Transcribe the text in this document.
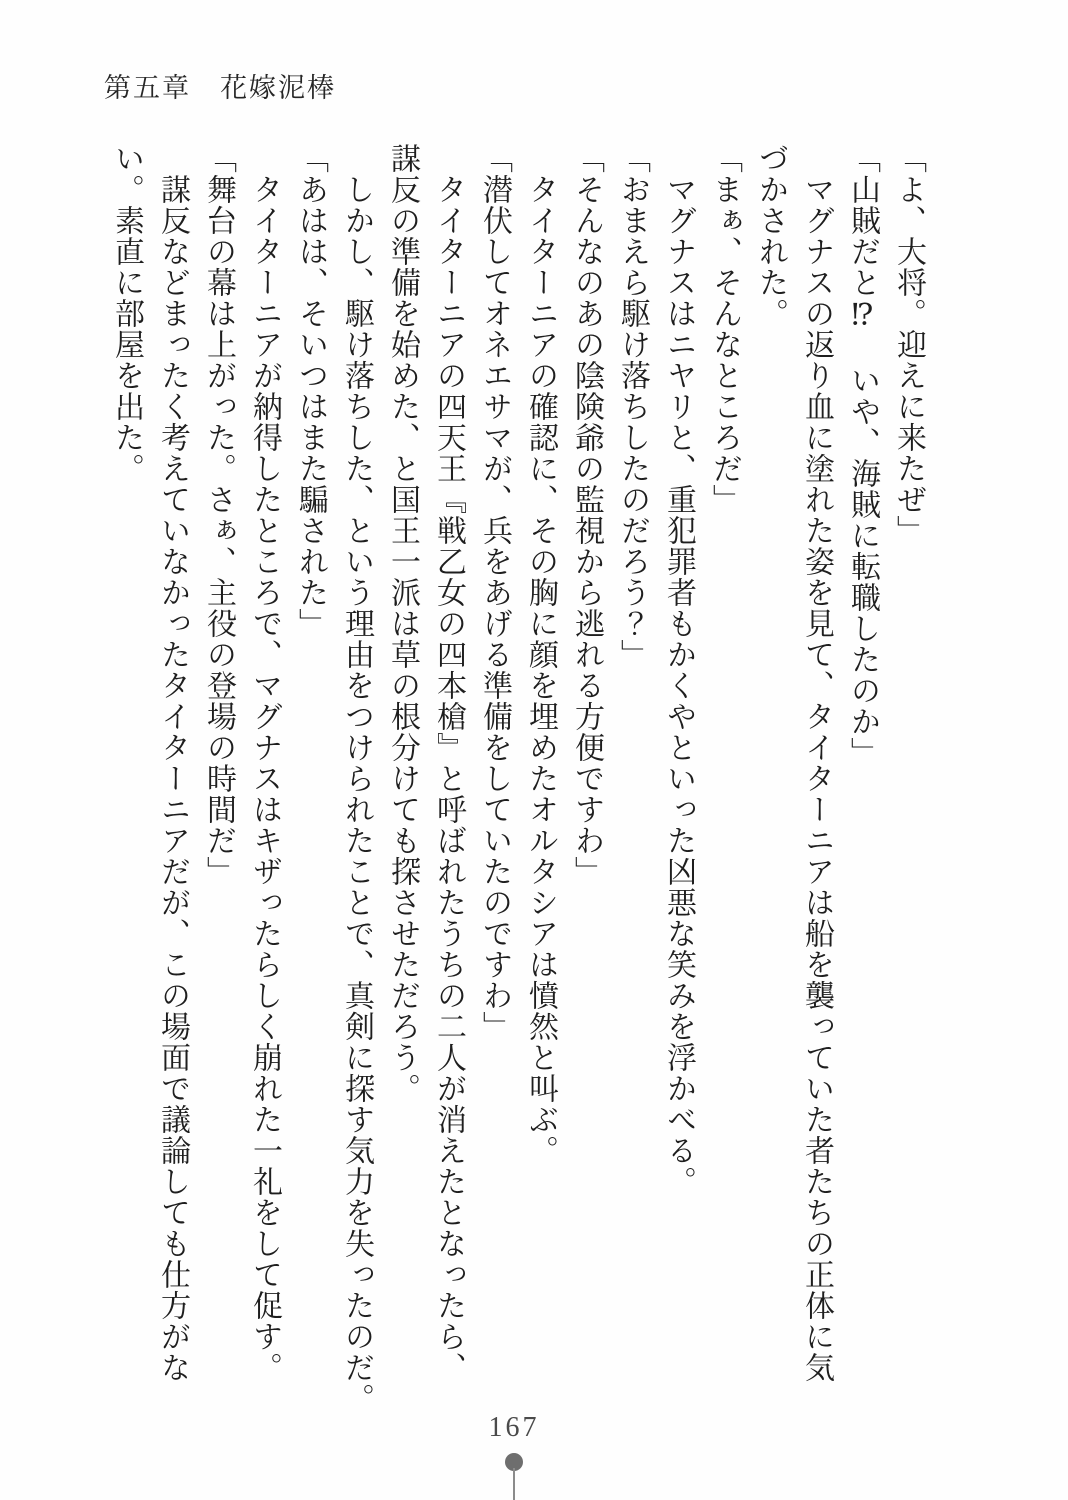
第五章　花嫁泥棒
「よ、大将。迎えに来たぜ」
「山賊だと⁉　いや、海賊に転職したのか」
マグナスの返り血に塗れた姿を見て、タイターニアは船を襲っていた者たちの正体に気
づかされた。
「まぁ、そんなところだ」
マグナスはニヤリと、重犯罪者もかくやといった凶悪な笑みを浮かべる。
「おまえら駆け落ちしたのだろう？」
「そんなのあの陰険爺の監視から逃れる方便ですわ」
タイターニアの確認に、その胸に顔を埋めたオルタシアは憤然と叫ぶ。
「潜伏してオネエサマが、兵をあげる準備をしていたのですわ」
タイターニアの四天王『戦乙女の四本槍』と呼ばれたうちの二人が消えたとなったら、
謀反の準備を始めた、と国王一派は草の根分けても探させただろう。
しかし、駆け落ちした、という理由をつけられたことで、真剣に探す気力を失ったのだ。
「あはは、そいつはまた騙された」
タイターニアが納得したところで、マグナスはキザったらしく崩れた一礼をして促す。
「舞台の幕は上がった。さぁ、主役の登場の時間だ」
謀反などまったく考えていなかったタイターニアだが、この場面で議論しても仕方がな
い。素直に部屋を出た。
167
